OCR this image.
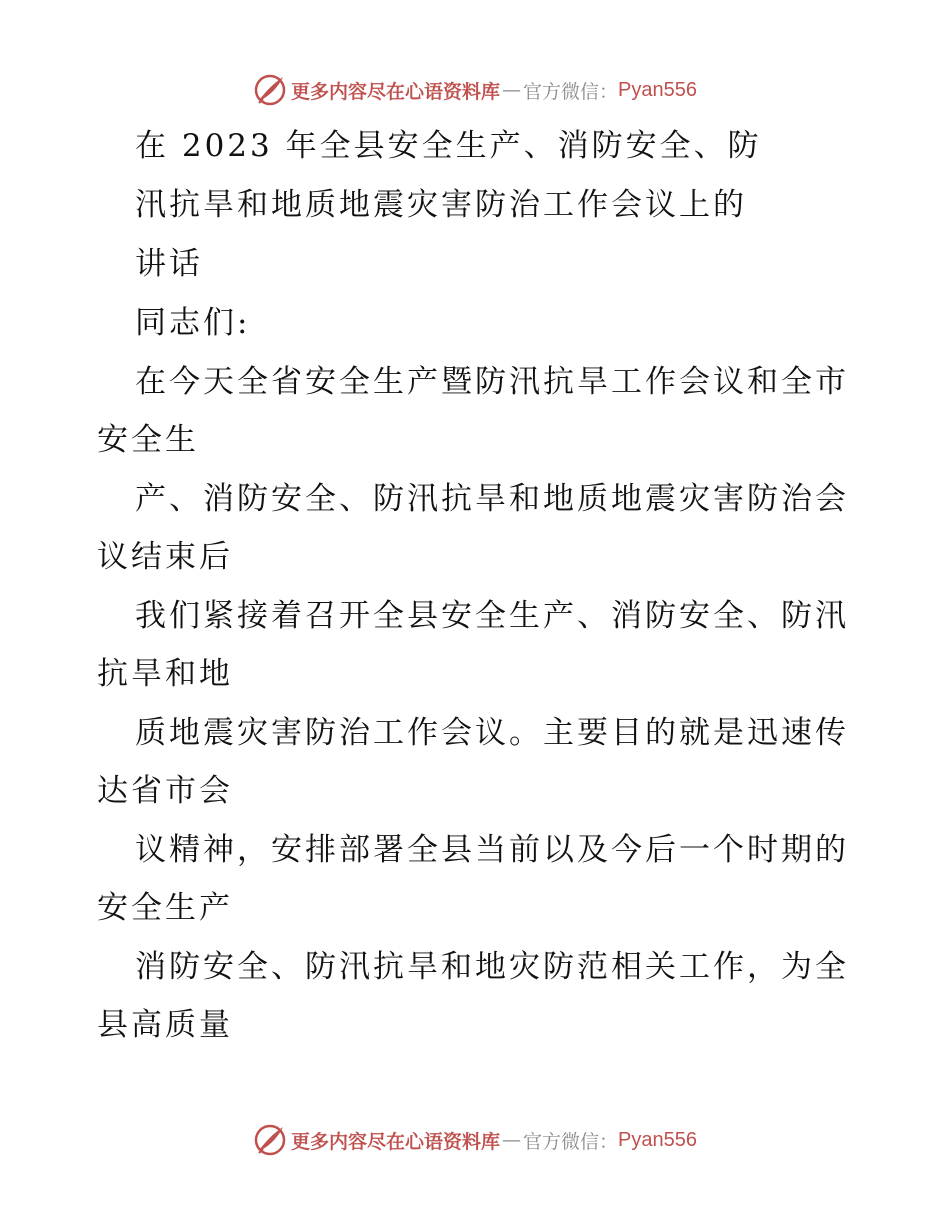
更多内容尽在心语资料库 — 官方微信： Pyan556
在 2023 年全县安全生产、消防安全、防
汛抗旱和地质地震灾害防治工作会议上的
讲话
同志们:
在今天全省安全生产暨防汛抗旱工作会议和全市
安全生
产、消防安全、防汛抗旱和地质地震灾害防治会
议结束后
我们紧接着召开全县安全生产、消防安全、防汛
抗旱和地
质地震灾害防治工作会议。主要目的就是迅速传
达省市会
议精神，安排部署全县当前以及今后一个时期的
安全生产
消防安全、防汛抗旱和地灾防范相关工作，为全
县高质量
更多内容尽在心语资料库 — 官方微信： Pyan556
